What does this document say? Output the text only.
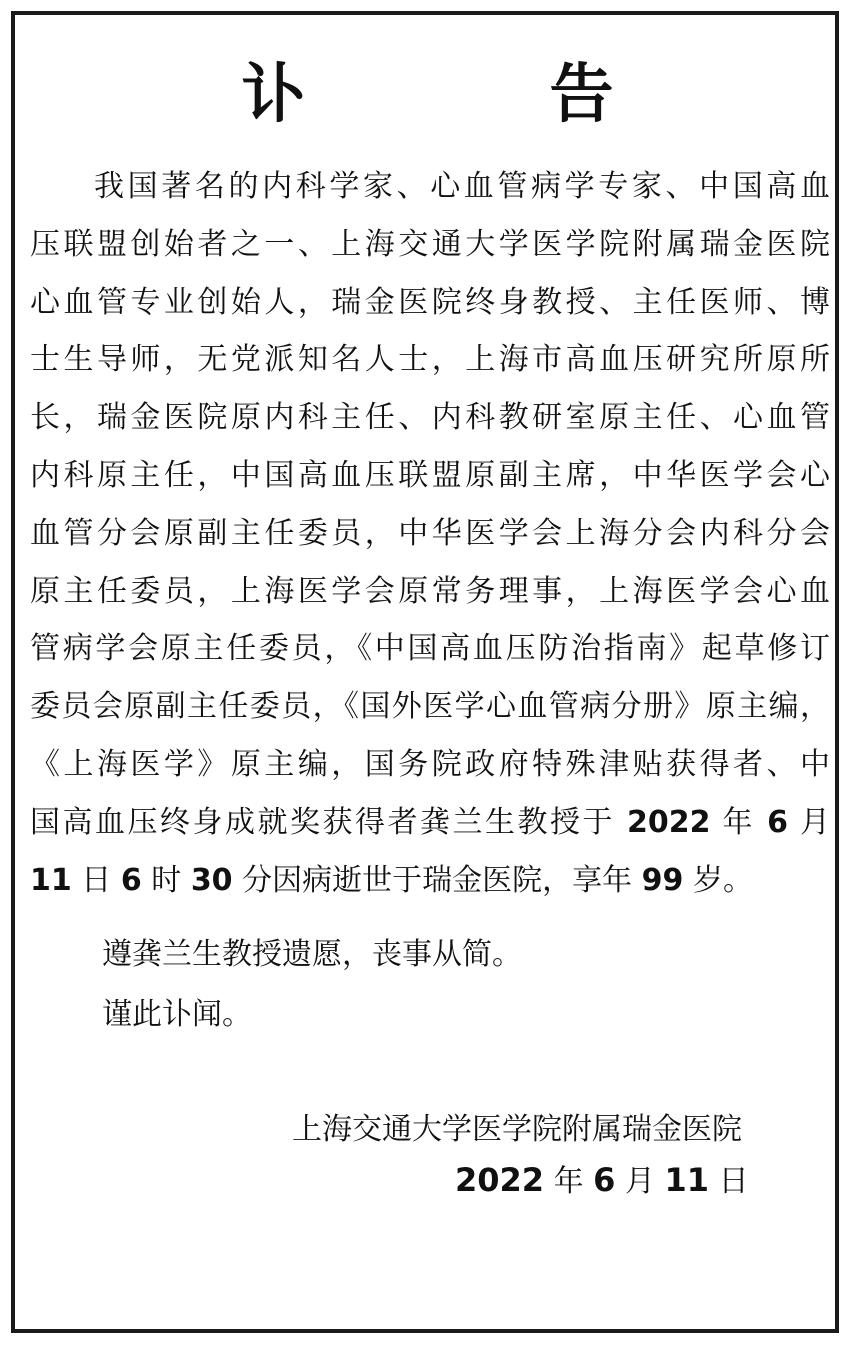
讣　告
我国著名的内科学家、心血管病学专家、中国高血
压联盟创始者之一、上海交通大学医学院附属瑞金医院
心血管专业创始人，瑞金医院终身教授、主任医师、博
士生导师，无党派知名人士，上海市高血压研究所原所
长，瑞金医院原内科主任、内科教研室原主任、心血管
内科原主任，中国高血压联盟原副主席，中华医学会心
血管分会原副主任委员，中华医学会上海分会内科分会
原主任委员，上海医学会原常务理事，上海医学会心血
管病学会原主任委员，《中国高血压防治指南》起草修订
委员会原副主任委员，《国外医学心血管病分册》原主编，
《上海医学》原主编，国务院政府特殊津贴获得者、中
国高血压终身成就奖获得者龚兰生教授于 2022 年 6 月
11 日 6 时 30 分因病逝世于瑞金医院，享年 99 岁。

遵龚兰生教授遗愿，丧事从简。

谨此讣闻。

上海交通大学医学院附属瑞金医院

2022 年 6 月 11 日
